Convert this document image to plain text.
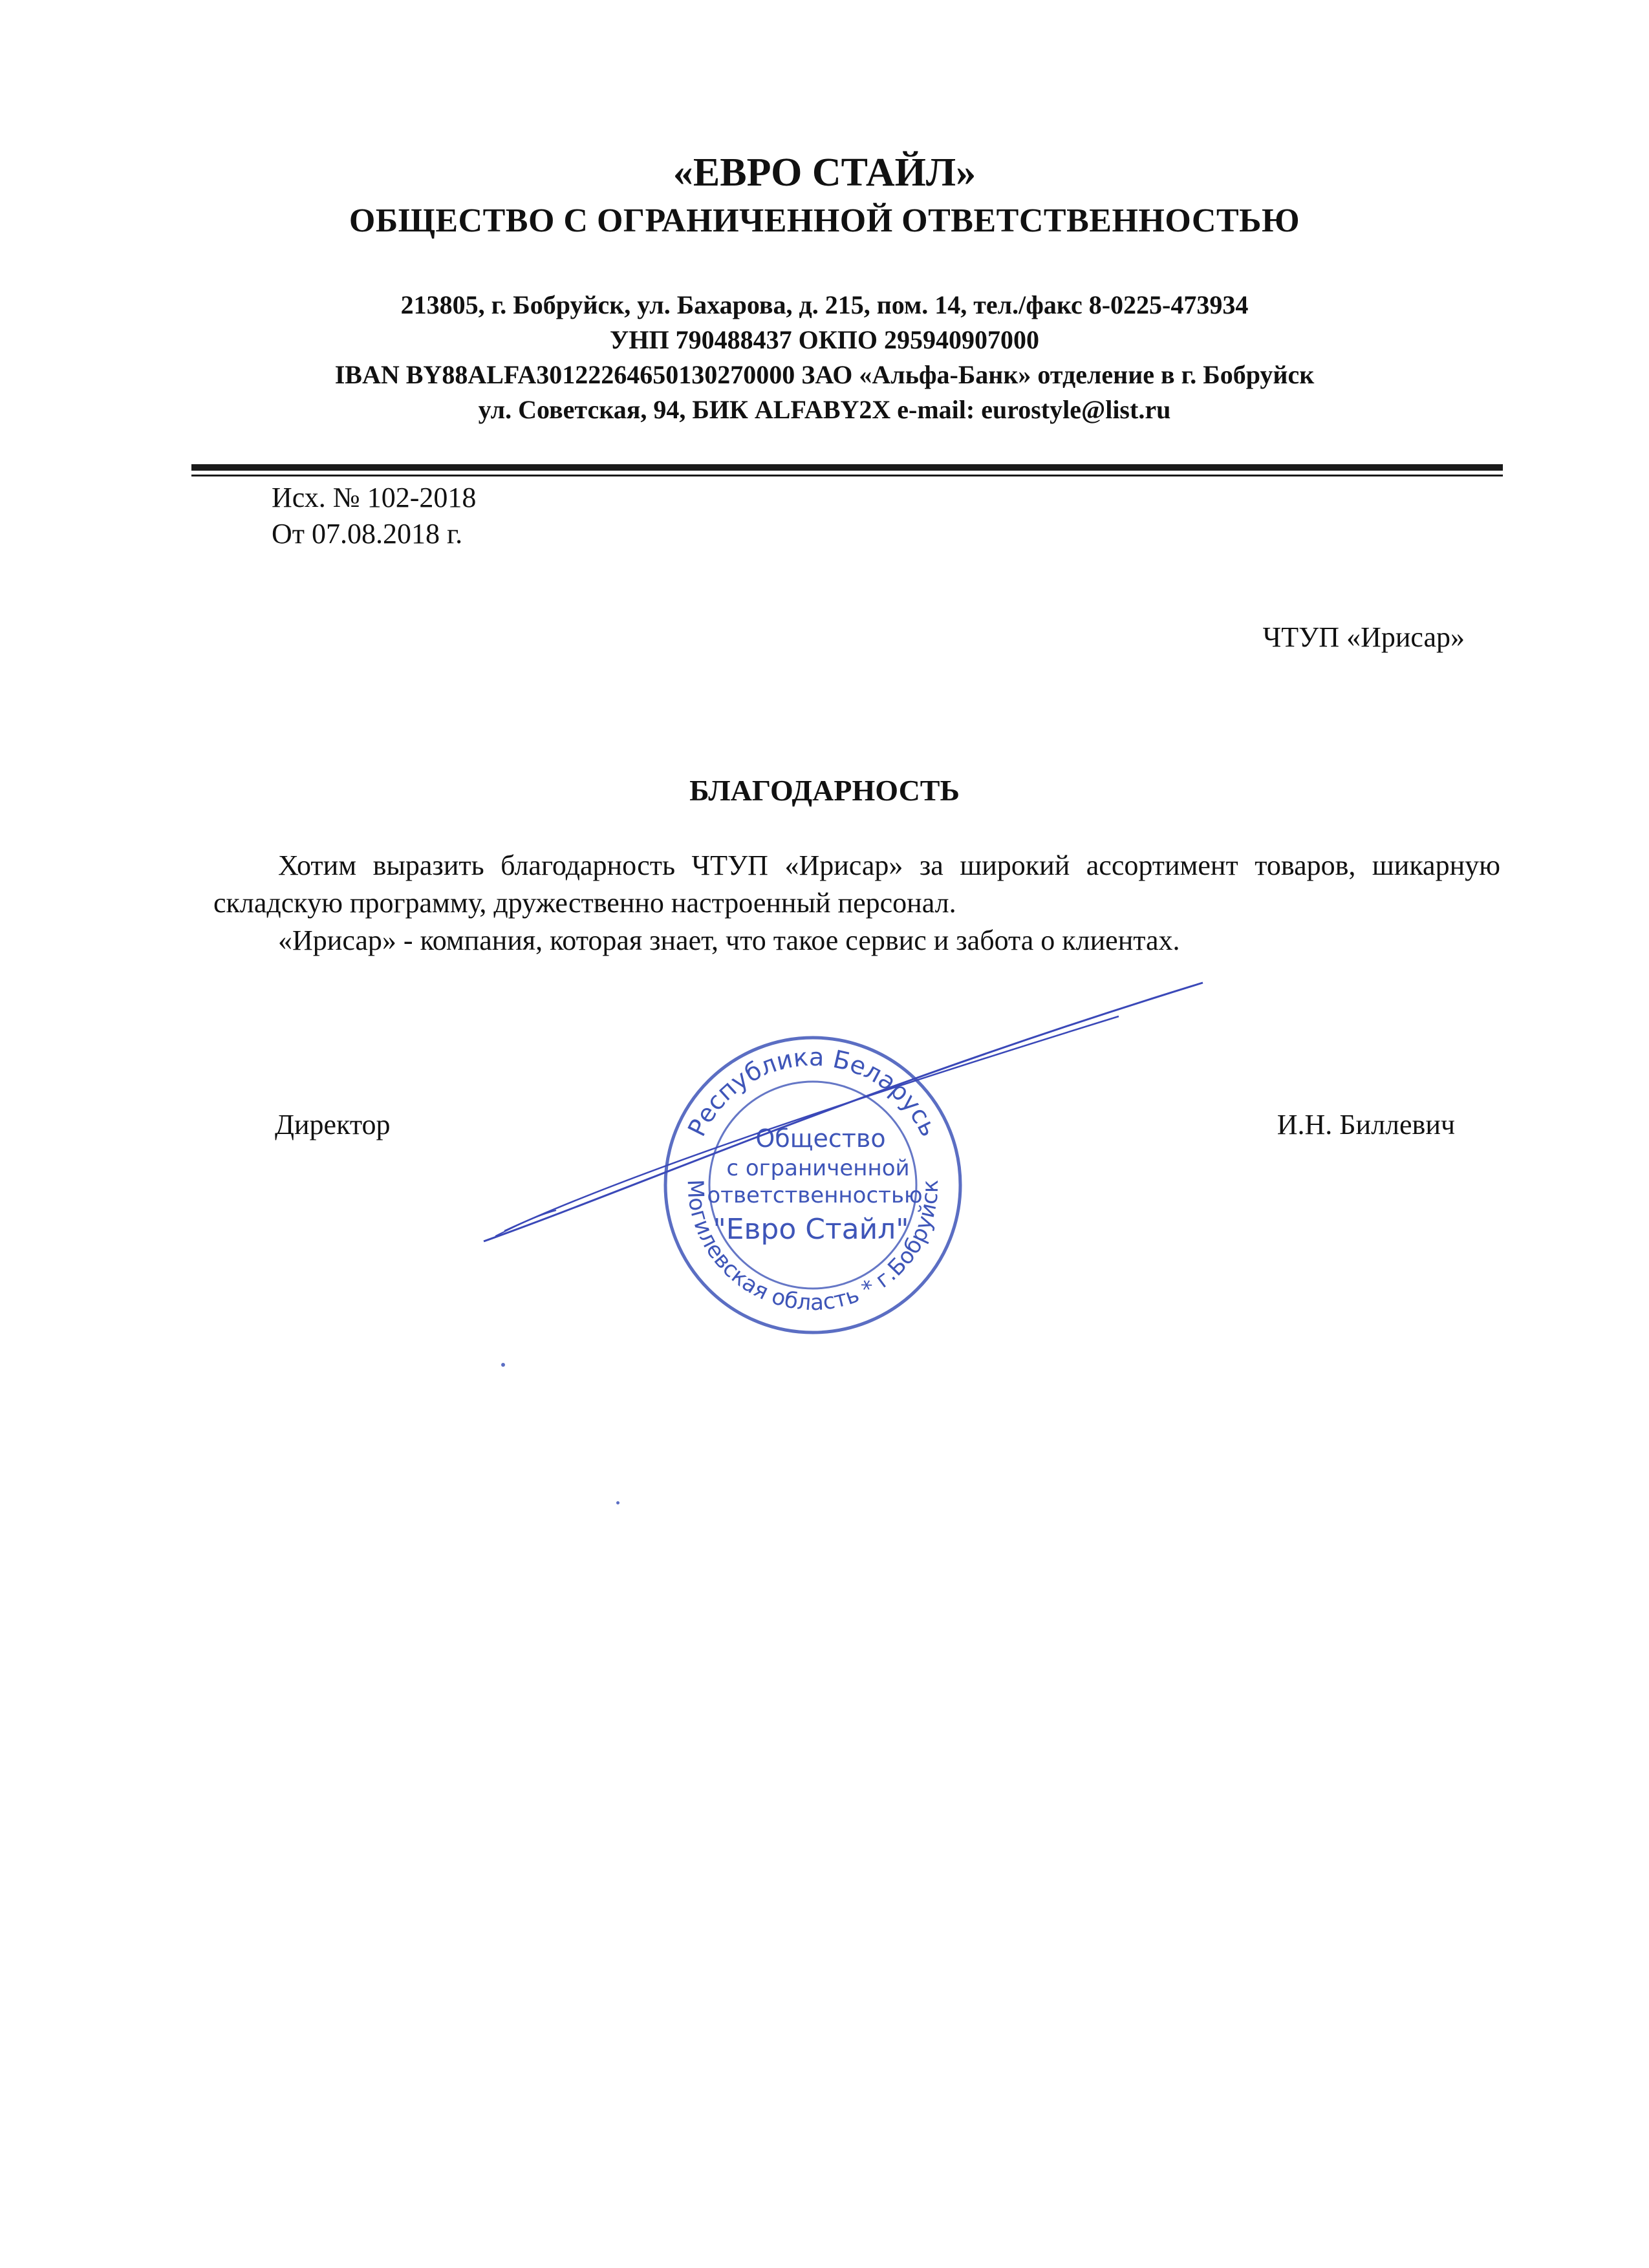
«ЕВРО СТАЙЛ»
ОБЩЕСТВО С ОГРАНИЧЕННОЙ ОТВЕТСТВЕННОСТЬЮ
213805, г. Бобруйск, ул. Бахарова, д. 215, пом. 14, тел./факс 8-0225-473934
УНП 790488437 ОКПО 295940907000
IBAN BY88ALFA30122264650130270000 ЗАО «Альфа-Банк» отделение в г. Бобруйск
ул. Советская, 94, БИК ALFABY2X e-mail: eurostyle@list.ru
Исх. № 102-2018
От 07.08.2018 г.
ЧТУП «Ирисар»
БЛАГОДАРНОСТЬ
Хотим выразить благодарность ЧТУП «Ирисар» за широкий ассортимент товаров, шикарную складскую программу, дружественно настроенный персонал.
«Ирисар» - компания, которая знает, что такое сервис и забота о клиентах.
Директор	И.Н. Биллевич
Республика Беларусь
Могилевская область * г.Бобруйск
Общество
с ограниченной
ответственностью
"Евро Стайл"
